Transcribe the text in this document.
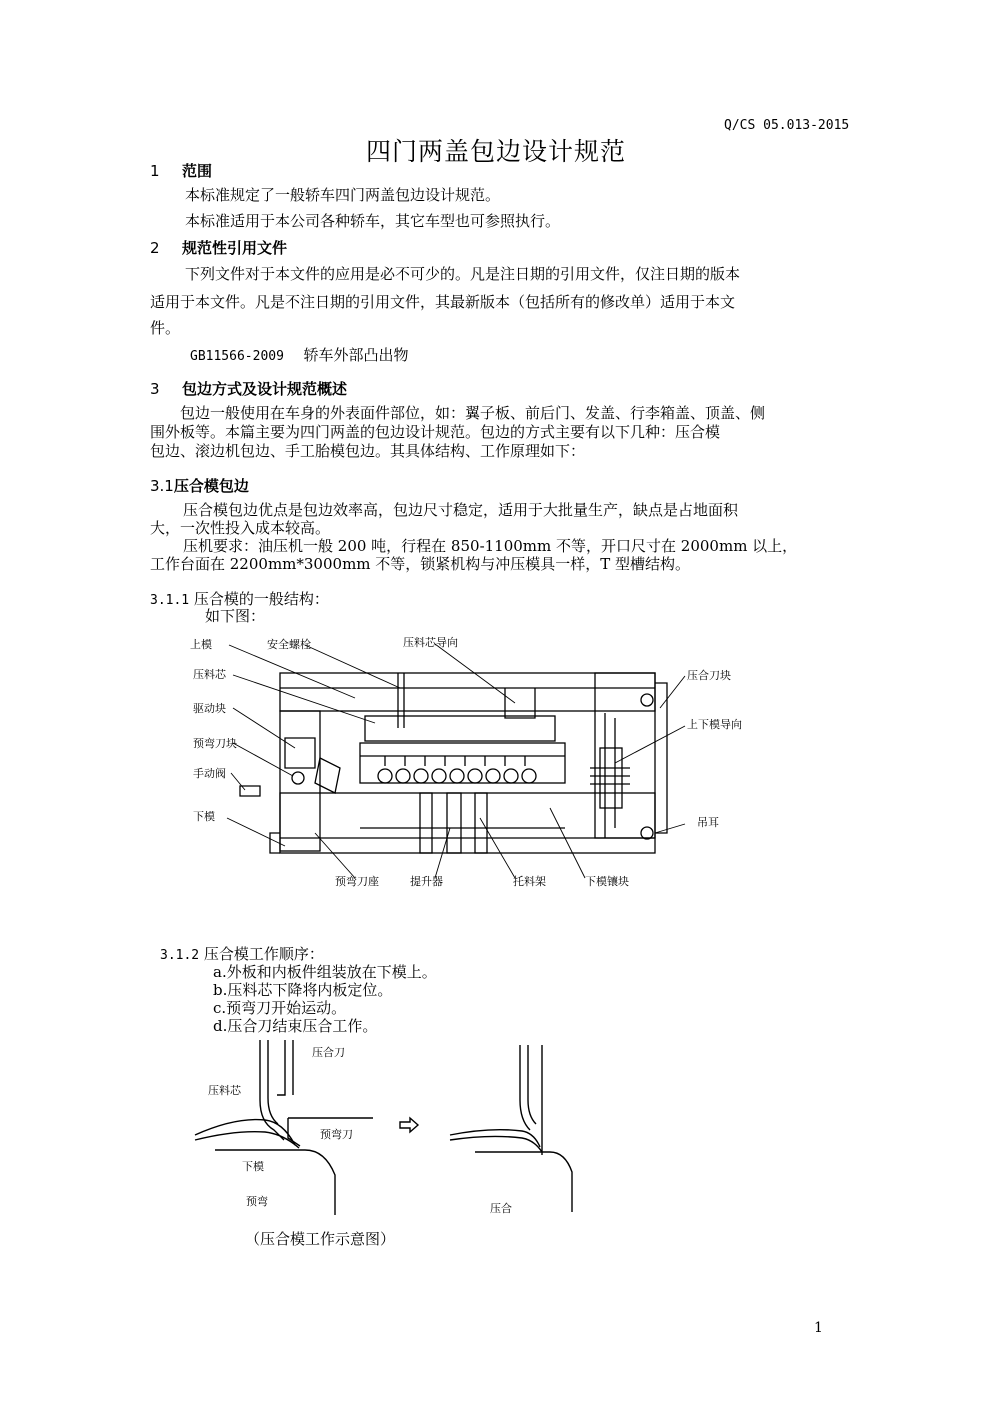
Q/CS 05.013-2015
四门两盖包边设计规范
1 范围
本标准规定了一般轿车四门两盖包边设计规范。
本标准适用于本公司各种轿车，其它车型也可参照执行。
2 规范性引用文件
下列文件对于本文件的应用是必不可少的。凡是注日期的引用文件，仅注日期的版本
适用于本文件。凡是不注日期的引用文件，其最新版本（包括所有的修改单）适用于本文
件。
GB11566-2009 轿车外部凸出物
3 包边方式及设计规范概述
包边一般使用在车身的外表面件部位，如：翼子板、前后门、发盖、行李箱盖、顶盖、侧
围外板等。本篇主要为四门两盖的包边设计规范。包边的方式主要有以下几种：压合模
包边、滚边机包边、手工胎模包边。其具体结构、工作原理如下：
3.1压合模包边
压合模包边优点是包边效率高，包边尺寸稳定，适用于大批量生产，缺点是占地面积
大，一次性投入成本较高。
压机要求：油压机一般 200 吨，行程在 850-1100mm 不等，开口尺寸在 2000mm 以上，
工作台面在 2200mm*3000mm 不等，锁紧机构与冲压模具一样，T 型槽结构。
3.1.1 压合模的一般结构：
如下图：
上模	安全螺栓	压料芯导向
压料芯
驱动块
预弯刀块
手动阀
下模
压合刀块
上下模导向
吊耳
预弯刀座	提升器	托料架	下模镶块
3.1.2 压合模工作顺序：
a.外板和内板件组装放在下模上。
b.压料芯下降将内板定位。
c.预弯刀开始运动。
d.压合刀结束压合工作。
压合刀
压料芯
预弯刀
下模
预弯
压合
（压合模工作示意图）
1
